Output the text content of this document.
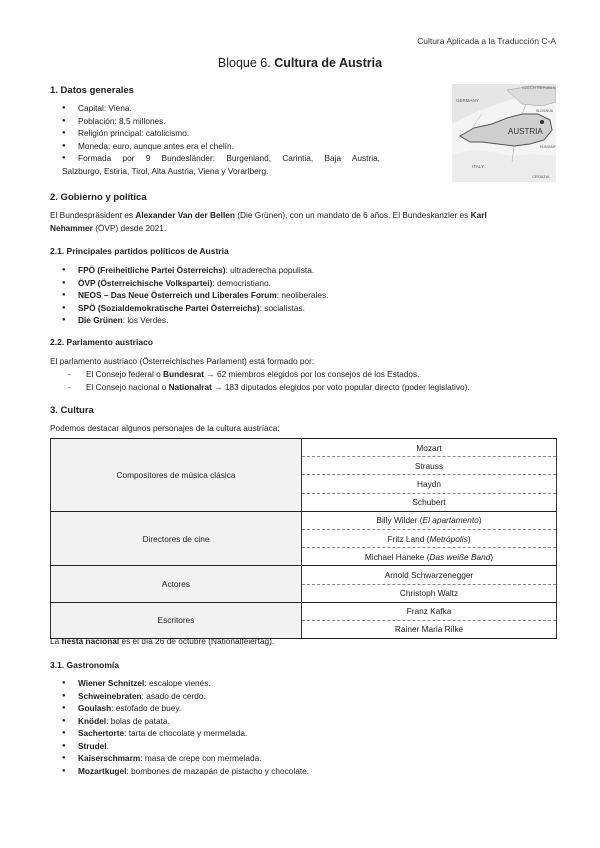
Cultura Aplicada a la Traducción C-A
Bloque 6. Cultura de Austria
1. Datos generales
● Capital: Viena.
● Población: 8,5 millones.
● Religión principal: catolicismo.
● Moneda: euro, aunque antes era el chelín.
● Formada por 9 Bundesländer: Burgenland, Carintia, Baja Austria,
Salzburgo, Estiria, Tirol, Alta Austria, Viena y Vorarlberg.
AUSTRIA
GERMANY
CZECH REPUBLIC
ITALY
CROATIA
SLOVAKIA
HUNGARY
2. Gobierno y política
El Bundespräsident es Alexander Van der Bellen (Die Grünen), con un mandato de 6 años. El Bundeskanzler es Karl
Nehammer (ÖVP) desde 2021.
2.1. Principales partidos políticos de Austria
● FPÖ (Freiheitliche Partei Österreichs): ultraderecha populista.
● ÖVP (Österreichische Volkspartei): democristiano.
● NEOS – Das Neue Österreich und Liberales Forum: neoliberales.
● SPÖ (Sozialdemokratische Partei Österreichs): socialistas.
● Die Grünen: los Verdes.
2.2. Parlamento austriaco
El parlamento austriaco (Österreichisches Parlament) está formado por:
- El Consejo federal o Bundesrat → 62 miembros elegidos por los consejos de los Estados.
- El Consejo nacional o Nationalrat → 183 diputados elegidos por voto popular directo (poder legislativo).
3. Cultura
Podemos destacar algunos personajes de la cultura austríaca:
Compositores de música clásica	Mozart
	Strauss
	Haydn
	Schubert
Directores de cine	Billy Wilder (El apartamento)
	Fritz Land (Metrópolis)
	Michael Haneke (Das weiße Band)
Actores	Arnold Schwarzenegger
	Christoph Waltz
Escritores	Franz Kafka
	Rainer Maria Rilke
La fiesta nacional es el día 26 de octubre (Nationalfeiertag).
3.1. Gastronomía
● Wiener Schnitzel: escalope vienés.
● Schweinebraten: asado de cerdo.
● Goulash: estofado de buey.
● Knödel: bolas de patata.
● Sachertorte: tarta de chocolate y mermelada.
● Strudel.
● Kaiserschmarm: masa de crepe con mermelada.
● Mozartkugel: bombones de mazapán de pistacho y chocolate.
